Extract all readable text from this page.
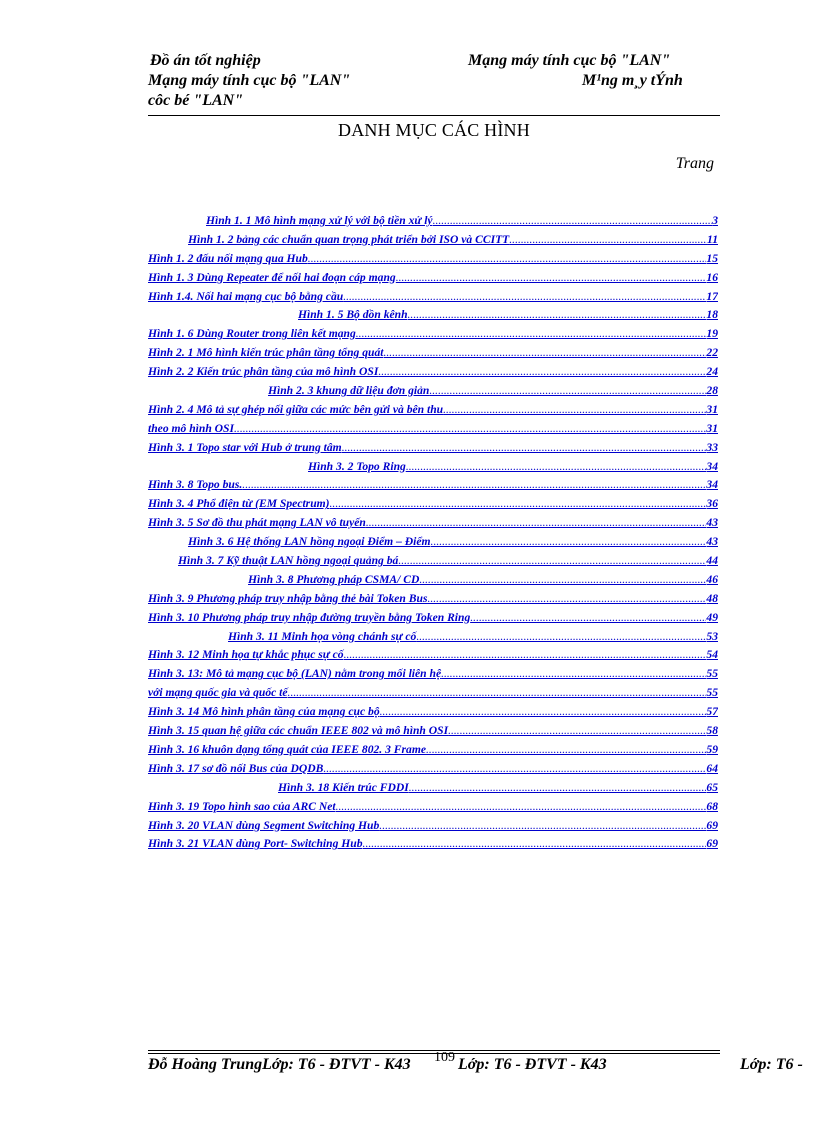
Đồ án tốt nghiệp	Mạng máy tính cục bộ "LAN"
Mạng máy tính cục bộ "LAN"	M¹ng m¸y tÝnh
côc bé "LAN"
DANH MỤC CÁC HÌNH
Trang
Hình 1. 1 Mô hình mạng xử lý với bộ tiền xử lý .....	3
Hình 1. 2 bảng các chuẩn quan trọng phát triển bởi ISO và CCITT .....	11
Hình 1. 2 đấu nối mạng qua Hub .....	15
Hình 1. 3 Dùng Repeater để nối hai đoạn cáp mạng .....	16
Hình 1.4. Nối hai mạng cục bộ bằng cầu .....	17
Hình 1. 5 Bộ dồn kênh .....	18
Hình 1. 6 Dùng Router trong liên kết mạng .....	19
Hình 2. 1 Mô hình kiến trúc phân tầng tổng quát .....	22
Hình 2. 2 Kiến trúc phân tầng của mô hình OSI .....	24
Hình 2. 3 khung dữ liệu đơn giản .....	28
Hình 2. 4 Mô tả sự ghép nối giữa các mức bên gửi và bên thu .....	31
theo mô hình OSI .....	31
Hình 3. 1 Topo star với Hub ở trung tâm .....	33
Hình 3. 2 Topo Ring .....	34
Hình 3. 8 Topo bus. .....	34
Hình 3. 4 Phổ điện từ (EM Spectrum) .....	36
Hình 3. 5 Sơ đồ thu phát mạng LAN vô tuyến .....	43
Hình 3. 6 Hệ thống LAN hồng ngoại Điểm – Điểm .....	43
Hình 3. 7 Kỹ thuật LAN hồng ngoại quảng bá .....	44
Hình 3. 8 Phương pháp CSMA/ CD .....	46
Hình 3. 9 Phương pháp truy nhập bằng thẻ bài Token Bus .....	48
Hình 3. 10 Phương pháp truy nhập đường truyền bằng Token Ring .....	49
Hình 3. 11 Minh họa vòng chánh sự cố .....	53
Hình 3. 12 Minh họa tự khắc phục sự cố .....	54
Hình 3. 13: Mô tả mạng cục bộ (LAN) nằm trong mối liên hệ .....	55
với mạng quốc gia và quốc tế .....	55
Hình 3. 14 Mô hình phân tầng của mạng cục bộ .....	57
Hình 3. 15 quan hệ giữa các chuẩn IEEE 802 và mô hình OSI .....	58
Hình 3. 16 khuôn dạng tổng quát của IEEE 802. 3 Frame .....	59
Hình 3. 17 sơ đồ nối Bus của DQDB .....	64
Hình 3. 18 Kiến trúc FDDI .....	65
Hình 3. 19 Topo hình sao của ARC Net .....	68
Hình 3. 20 VLAN dùng Segment Switching Hub .....	69
Hình 3. 21 VLAN dùng Port- Switching Hub .....	69
Đỗ Hoàng TrungLớp: T6 - ĐTVT - K43 109 Lớp: T6 - ĐTVT - K43	Lớp: T6 -
